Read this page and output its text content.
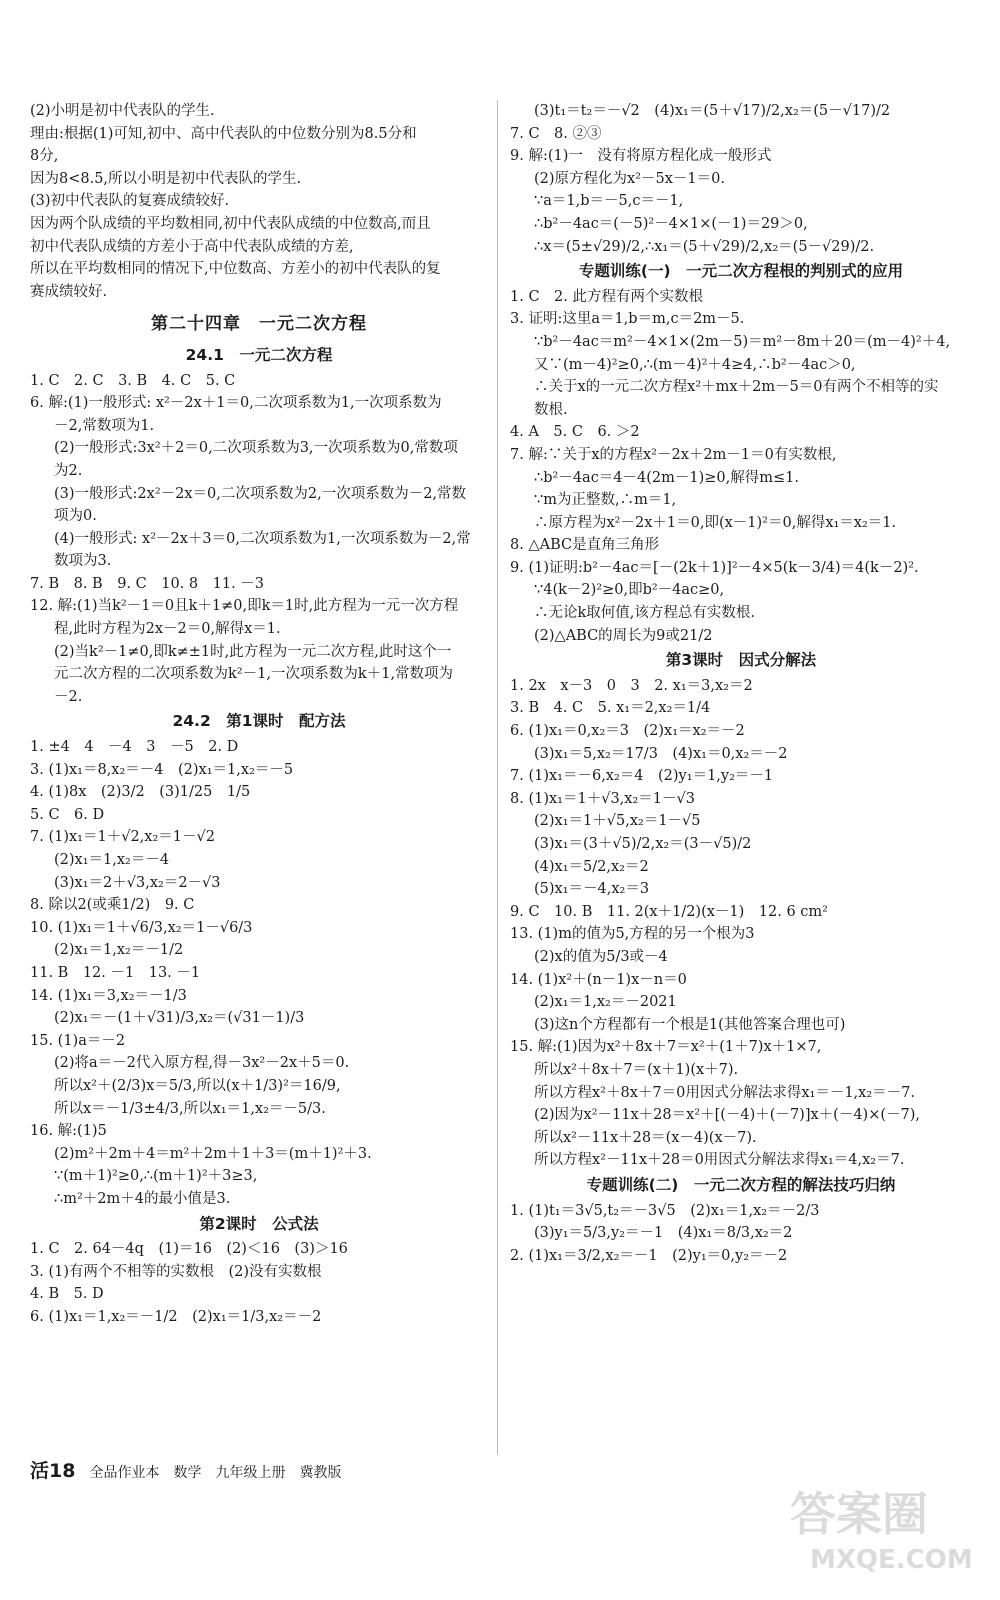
(2)小明是初中代表队的学生.
理由:根据(1)可知,初中、高中代表队的中位数分别为8.5分和
8分,
因为8<8.5,所以小明是初中代表队的学生.
(3)初中代表队的复赛成绩较好.
因为两个队成绩的平均数相同,初中代表队成绩的中位数高,而且
初中代表队成绩的方差小于高中代表队成绩的方差,
所以在平均数相同的情况下,中位数高、方差小的初中代表队的复
赛成绩较好.
第二十四章　一元二次方程
24.1　一元二次方程
1. C　2. C　3. B　4. C　5. C
6. 解:(1)一般形式: x²－2x＋1＝0,二次项系数为1,一次项系数为
－2,常数项为1.
(2)一般形式:3x²＋2＝0,二次项系数为3,一次项系数为0,常数项
为2.
(3)一般形式:2x²－2x＝0,二次项系数为2,一次项系数为－2,常数
项为0.
(4)一般形式: x²－2x＋3＝0,二次项系数为1,一次项系数为－2,常
数项为3.
7. B　8. B　9. C　10. 8　11. －3
12. 解:(1)当k²－1＝0且k＋1≠0,即k＝1时,此方程为一元一次方程
程,此时方程为2x－2＝0,解得x＝1.
(2)当k²－1≠0,即k≠±1时,此方程为一元二次方程,此时这个一
元二次方程的二次项系数为k²－1,一次项系数为k＋1,常数项为
－2.
24.2　第1课时　配方法
1. ±4　4　－4　3　－5　2. D
3. (1)x₁＝8,x₂＝－4　(2)x₁＝1,x₂＝－5
4. (1)8x　(2)3/2　(3)1/25　1/5
5. C　6. D
7. (1)x₁＝1＋√2,x₂＝1－√2
(2)x₁＝1,x₂＝－4
(3)x₁＝2＋√3,x₂＝2－√3
8. 除以2(或乘1/2)　9. C
10. (1)x₁＝1＋√6/3,x₂＝1－√6/3
(2)x₁＝1,x₂＝－1/2
11. B　12. －1　13. －1
14. (1)x₁＝3,x₂＝－1/3
(2)x₁＝－(1＋√31)/3,x₂＝(√31－1)/3
15. (1)a＝－2
(2)将a＝－2代入原方程,得－3x²－2x＋5＝0.
所以x²＋(2/3)x＝5/3,所以(x＋1/3)²＝16/9,
所以x＝－1/3±4/3,所以x₁＝1,x₂＝－5/3.
16. 解:(1)5
(2)m²＋2m＋4＝m²＋2m＋1＋3＝(m＋1)²＋3.
∵(m＋1)²≥0,∴(m＋1)²＋3≥3,
∴m²＋2m＋4的最小值是3.
第2课时　公式法
1. C　2. 64－4q　(1)＝16　(2)＜16　(3)＞16
3. (1)有两个不相等的实数根　(2)没有实数根
4. B　5. D
6. (1)x₁＝1,x₂＝－1/2　(2)x₁＝1/3,x₂＝－2
(3)t₁＝t₂＝－√2　(4)x₁＝(5＋√17)/2,x₂＝(5－√17)/2
7. C　8. ②③
9. 解:(1)一　没有将原方程化成一般形式
(2)原方程化为x²－5x－1＝0.
∵a＝1,b＝－5,c＝－1,
∴b²－4ac＝(－5)²－4×1×(－1)＝29＞0,
∴x＝(5±√29)/2,∴x₁＝(5＋√29)/2,x₂＝(5－√29)/2.
专题训练(一)　一元二次方程根的判别式的应用
1. C　2. 此方程有两个实数根
3. 证明:这里a＝1,b＝m,c＝2m－5.
∵b²－4ac＝m²－4×1×(2m－5)＝m²－8m＋20＝(m－4)²＋4,
又∵(m－4)²≥0,∴(m－4)²＋4≥4,∴b²－4ac＞0,
∴关于x的一元二次方程x²＋mx＋2m－5＝0有两个不相等的实
数根.
4. A　5. C　6. ＞2
7. 解:∵关于x的方程x²－2x＋2m－1＝0有实数根,
∴b²－4ac＝4－4(2m－1)≥0,解得m≤1.
∵m为正整数,∴m＝1,
∴原方程为x²－2x＋1＝0,即(x－1)²＝0,解得x₁＝x₂＝1.
8. △ABC是直角三角形
9. (1)证明:b²－4ac＝[－(2k＋1)]²－4×5(k－3/4)＝4(k－2)².
∵4(k－2)²≥0,即b²－4ac≥0,
∴无论k取何值,该方程总有实数根.
(2)△ABC的周长为9或21/2
第3课时　因式分解法
1. 2x　x－3　0　3　2. x₁＝3,x₂＝2
3. B　4. C　5. x₁＝2,x₂＝1/4
6. (1)x₁＝0,x₂＝3　(2)x₁＝x₂＝－2
(3)x₁＝5,x₂＝17/3　(4)x₁＝0,x₂＝－2
7. (1)x₁＝－6,x₂＝4　(2)y₁＝1,y₂＝－1
8. (1)x₁＝1＋√3,x₂＝1－√3
(2)x₁＝1＋√5,x₂＝1－√5
(3)x₁＝(3＋√5)/2,x₂＝(3－√5)/2
(4)x₁＝5/2,x₂＝2
(5)x₁＝－4,x₂＝3
9. C　10. B　11. 2(x＋1/2)(x－1)　12. 6 cm²
13. (1)m的值为5,方程的另一个根为3
(2)x的值为5/3或－4
14. (1)x²＋(n－1)x－n＝0
(2)x₁＝1,x₂＝－2021
(3)这n个方程都有一个根是1(其他答案合理也可)
15. 解:(1)因为x²＋8x＋7＝x²＋(1＋7)x＋1×7,
所以x²＋8x＋7＝(x＋1)(x＋7).
所以方程x²＋8x＋7＝0用因式分解法求得x₁＝－1,x₂＝－7.
(2)因为x²－11x＋28＝x²＋[(－4)＋(－7)]x＋(－4)×(－7),
所以x²－11x＋28＝(x－4)(x－7).
所以方程x²－11x＋28＝0用因式分解法求得x₁＝4,x₂＝7.
专题训练(二)　一元二次方程的解法技巧归纳
1. (1)t₁＝3√5,t₂＝－3√5　(2)x₁＝1,x₂＝－2/3
(3)y₁＝5/3,y₂＝－1　(4)x₁＝8/3,x₂＝2
2. (1)x₁＝3/2,x₂＝－1　(2)y₁＝0,y₂＝－2
活18 全品作业本 数学 九年级上册 冀教版
答案圈
MXQE.COM
